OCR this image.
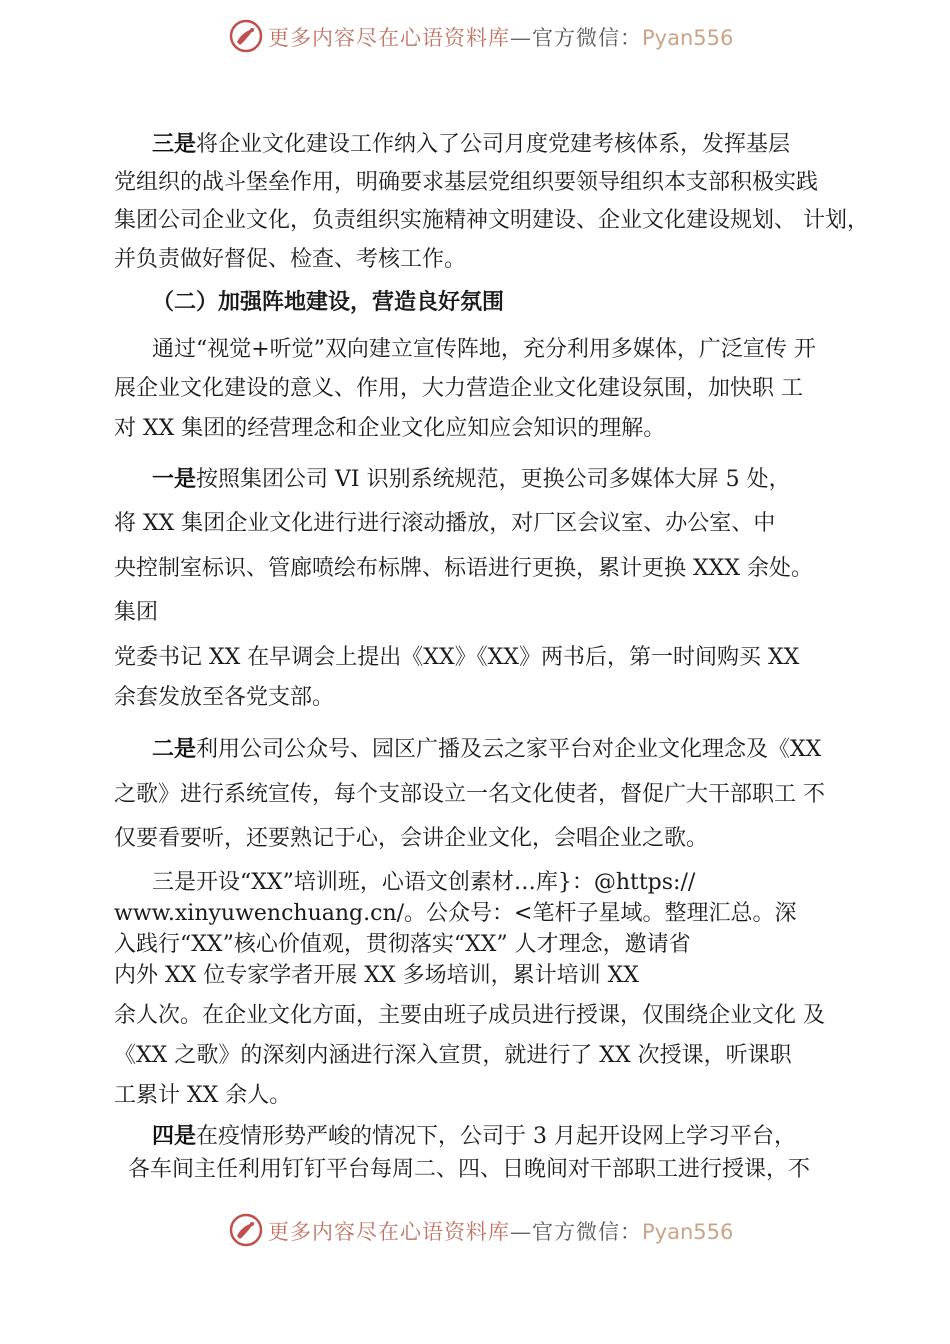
更多内容尽在心语资料库—官方微信：Pyan556
三是将企业文化建设工作纳入了公司月度党建考核体系，发挥基层
党组织的战斗堡垒作用，明确要求基层党组织要领导组织本支部积极实践
集团公司企业文化，负责组织实施精神文明建设、企业文化建设规划、 计划，
并负责做好督促、检查、考核工作。
（二）加强阵地建设，营造良好氛围
通过“视觉+听觉”双向建立宣传阵地，充分利用多媒体，广泛宣传 开
展企业文化建设的意义、作用，大力营造企业文化建设氛围，加快职 工
对 XX 集团的经营理念和企业文化应知应会知识的理解。
一是按照集团公司 VI 识别系统规范，更换公司多媒体大屏 5 处，
将 XX 集团企业文化进行进行滚动播放，对厂区会议室、办公室、中
央控制室标识、管廊喷绘布标牌、标语进行更换，累计更换 XXX 余处。
集团
党委书记 XX 在早调会上提出《XX》《XX》两书后，第一时间购买 XX
余套发放至各党支部。
二是利用公司公众号、园区广播及云之家平台对企业文化理念及《XX
之歌》进行系统宣传，每个支部设立一名文化使者，督促广大干部职工 不
仅要看要听，还要熟记于心，会讲企业文化，会唱企业之歌。
三是开设“XX”培训班，心语文创素材…库}：@https://
www.xinyuwenchuang.cn/。公众号：<笔杆子星域。整理汇总。深
入践行“XX”核心价值观，贯彻落实“XX” 人才理念，邀请省
内外 XX 位专家学者开展 XX 多场培训，累计培训 XX
余人次。在企业文化方面，主要由班子成员进行授课，仅围绕企业文化 及
《XX 之歌》的深刻内涵进行深入宣贯，就进行了 XX 次授课，听课职
工累计 XX 余人。
四是在疫情形势严峻的情况下，公司于 3 月起开设网上学习平台，
各车间主任利用钉钉平台每周二、四、日晚间对干部职工进行授课，不
更多内容尽在心语资料库—官方微信：Pyan556
